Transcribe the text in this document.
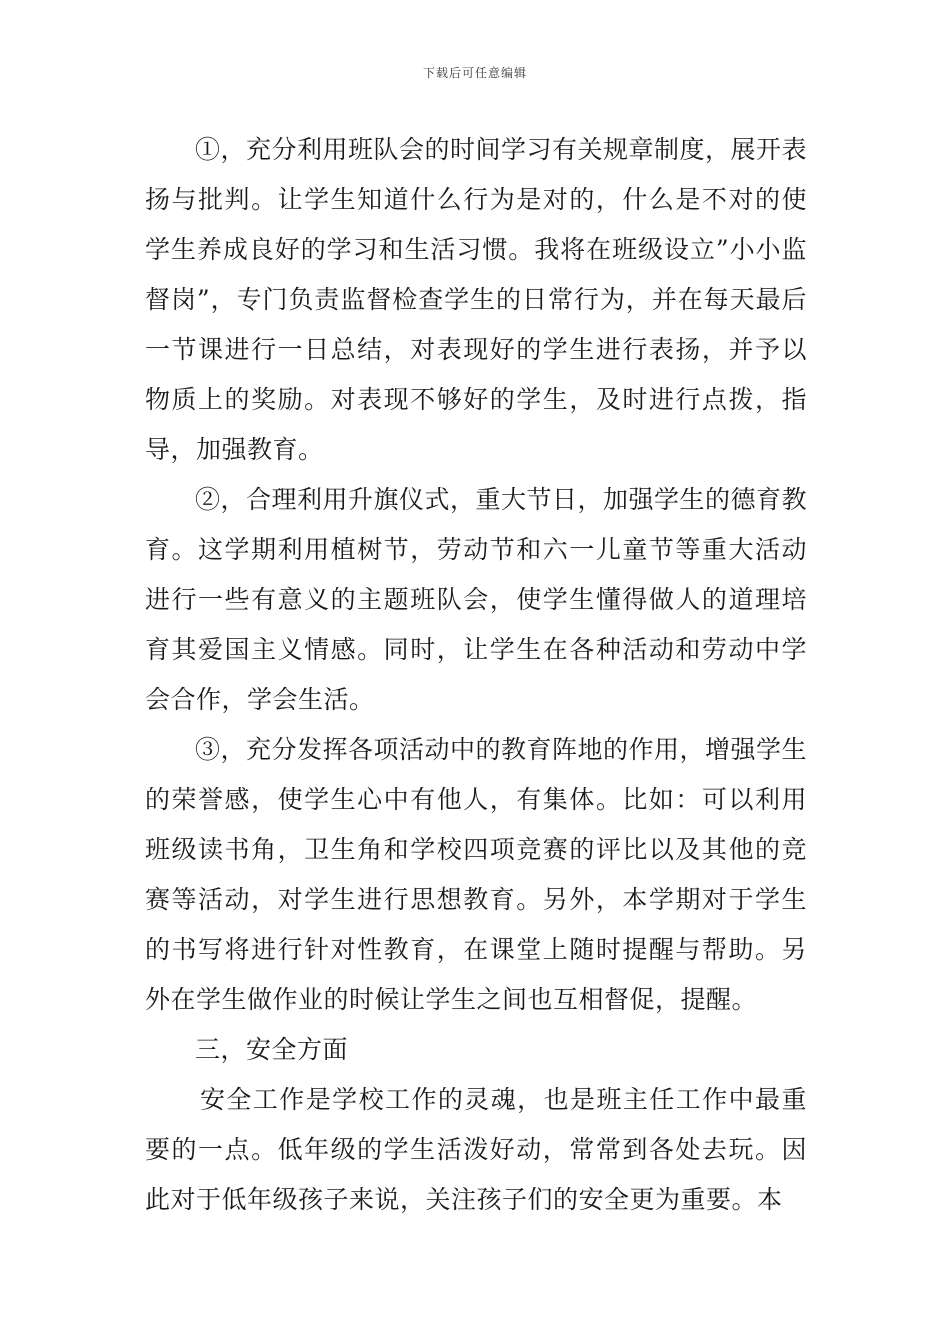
下载后可任意编辑

①，充分利用班队会的时间学习有关规章制度，展开表扬与批判。让学生知道什么行为是对的，什么是不对的使学生养成良好的学习和生活习惯。我将在班级设立”小小监督岗”，专门负责监督检查学生的日常行为，并在每天最后一节课进行一日总结，对表现好的学生进行表扬，并予以物质上的奖励。对表现不够好的学生，及时进行点拨，指导，加强教育。

②，合理利用升旗仪式，重大节日，加强学生的德育教育。这学期利用植树节，劳动节和六一儿童节等重大活动进行一些有意义的主题班队会，使学生懂得做人的道理培育其爱国主义情感。同时，让学生在各种活动和劳动中学会合作，学会生活。

③，充分发挥各项活动中的教育阵地的作用，增强学生的荣誉感，使学生心中有他人，有集体。比如：可以利用班级读书角，卫生角和学校四项竞赛的评比以及其他的竞赛等活动，对学生进行思想教育。另外，本学期对于学生的书写将进行针对性教育，在课堂上随时提醒与帮助。另外在学生做作业的时候让学生之间也互相督促，提醒。

三，安全方面

安全工作是学校工作的灵魂，也是班主任工作中最重要的一点。低年级的学生活泼好动，常常到各处去玩。因此对于低年级孩子来说，关注孩子们的安全更为重要。本
